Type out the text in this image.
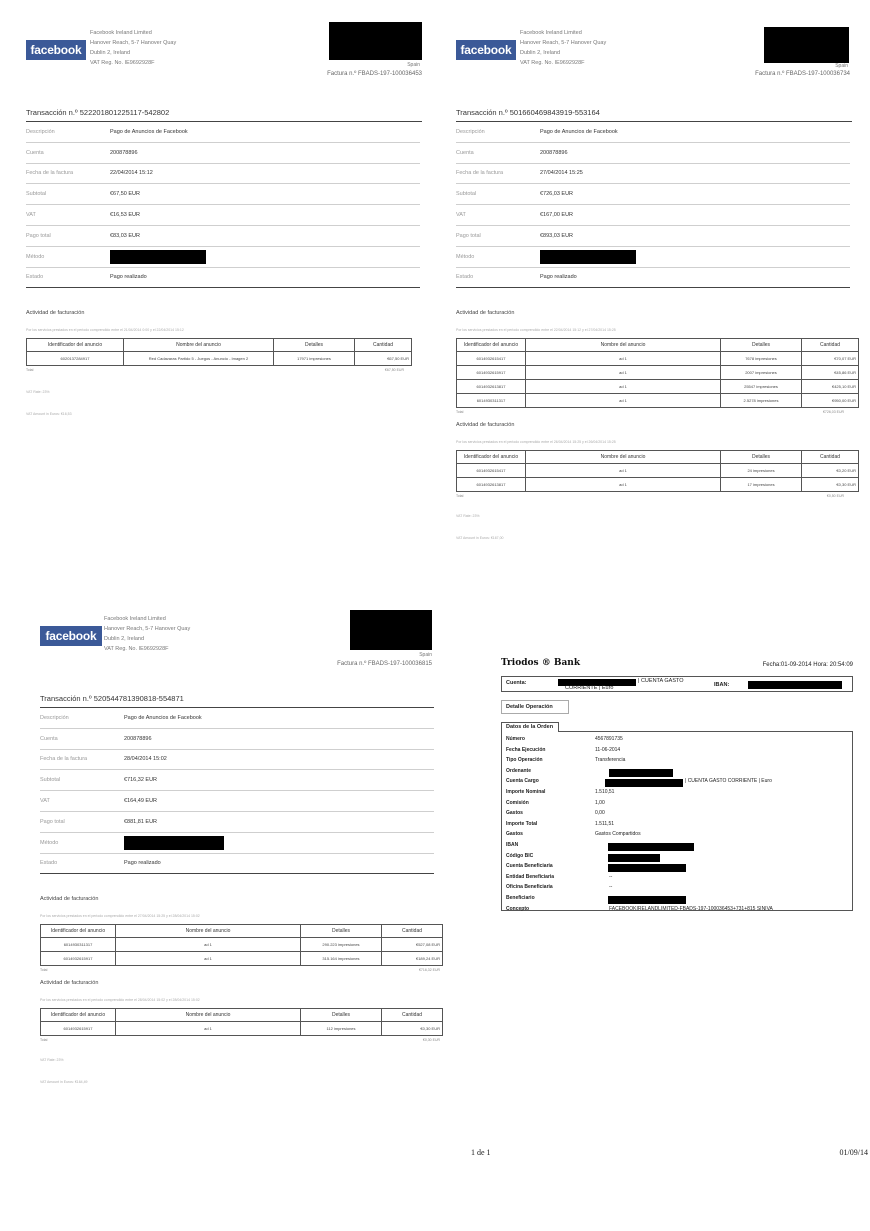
facebook
Facebook Ireland Limited
Hanover Reach, 5-7 Hanover Quay
Dublin 2, Ireland
VAT Reg. No. IE9692928F	Spain
Factura n.º FBADS-197-100036453
Transacción n.º 522201801225117-542802
Descripción	Pago de Anuncios de Facebook
Cuenta	200878896
Fecha de la factura	22/04/2014 15:12
Subtotal	€67,50 EUR
VAT	€16,53 EUR
Pago total	€83,03 EUR
Método	
Estado	Pago realizado
Actividad de facturación
Por los servicios prestados en el periodo comprendido entre el 21/04/2014 0:00 y el 22/04/2014 15:12
Identificador del anuncio	Nombre del anuncio	Detalles	Cantidad
6020137284917	Red Cadavaras Partido 5 - Juegos - Anuncio - Imagen 2	17971 impresiones	€67,50 EUR
Total	€67,50 EUR
VAT Rate: 23%
VAT Amount in Euros: €16,53
facebook
Facebook Ireland Limited
Hanover Reach, 5-7 Hanover Quay
Dublin 2, Ireland
VAT Reg. No. IE9692928F	Spain
Factura n.º FBADS-197-100036734
Transacción n.º 501660469843919-553164
Descripción	Pago de Anuncios de Facebook
Cuenta	200878896
Fecha de la factura	27/04/2014 15:25
Subtotal	€726,03 EUR
VAT	€167,00 EUR
Pago total	€893,03 EUR
Método	
Estado	Pago realizado
Actividad de facturación
Por los servicios prestados en el periodo comprendido entre el 22/04/2014 15:12 y el 27/04/2014 15:25
Identificador del anuncio	Nombre del anuncio	Detalles	Cantidad
6014932615417	ad 1	7678 impresiones	€70,07 EUR
6014932615917	ad 1	2007 impresiones	€45,86 EUR
6014932613817	ad 1	25547 impresiones	€425,10 EUR
6014930311317	ad 1	2.5278 impresiones	€950,00 EUR
Total	€726,03 EUR
Actividad de facturación
Por los servicios prestados en el periodo comprendido entre el 26/04/2014 15:25 y el 26/04/2014 15:25
Identificador del anuncio	Nombre del anuncio	Detalles	Cantidad
6014932615417	ad 1	24 impresiones	€0,20 EUR
6014932613817	ad 1	17 impresiones	€0,30 EUR
Total	€0,50 EUR
VAT Rate: 23%
VAT Amount in Euros: €167,00
facebook
Facebook Ireland Limited
Hanover Reach, 5-7 Hanover Quay
Dublin 2, Ireland
VAT Reg. No. IE9692928F
Spain
Factura n.º FBADS-197-100036815
Transacción n.º 520544781390818-554871
Descripción	Pago de Anuncios de Facebook
Cuenta	200878896
Fecha de la factura	28/04/2014 15:02
Subtotal	€716,32 EUR
VAT	€164,49 EUR
Pago total	€881,81 EUR
Método	
Estado	Pago realizado
Actividad de facturación
Por los servicios prestados en el periodo comprendido entre el 27/04/2014 15:25 y el 28/04/2014 15:02
Identificador del anuncio	Nombre del anuncio	Detalles	Cantidad
6014930311317	ad 1	290.223 impresiones	€527,08 EUR
6014932615917	ad 1	315.164 impresiones	€189,24 EUR
Total	€716,32 EUR
Actividad de facturación
Por los servicios prestados en el periodo comprendido entre el 28/04/2014 15:02 y el 28/04/2014 15:02
Identificador del anuncio	Nombre del anuncio	Detalles	Cantidad
6014932615917	ad 1	112 impresiones	€0,30 EUR
Total	€0,30 EUR
VAT Rate: 23%
VAT Amount in Euros: €164,49
Triodos ® Bank	Fecha:01-09-2014 Hora: 20:54:09
Cuenta:	| CUENTA GASTO
CORRIENTE | Euro	IBAN:
Detalle Operación
Datos de la Orden
Número	4567891735
Fecha Ejecución	11-06-2014
Tipo Operación	Transferencia
Ordenante
Cuenta Cargo	| CUENTA GASTO CORRIENTE | Euro
Importe Nominal	1.510,51
Comisión	1,00
Gastos	0,00
Importe Total	1.511,51
Gastos	Gastos Compartidos
IBAN
Código BIC
Cuenta Beneficiaria
Entidad Beneficiaria	--
Oficina Beneficiaria	--
Beneficiario
Concepto	FACEBOOKIRELANDLIMITED-FBADS-197-100036453+731+815 SINIVA
1 de 1	01/09/14
